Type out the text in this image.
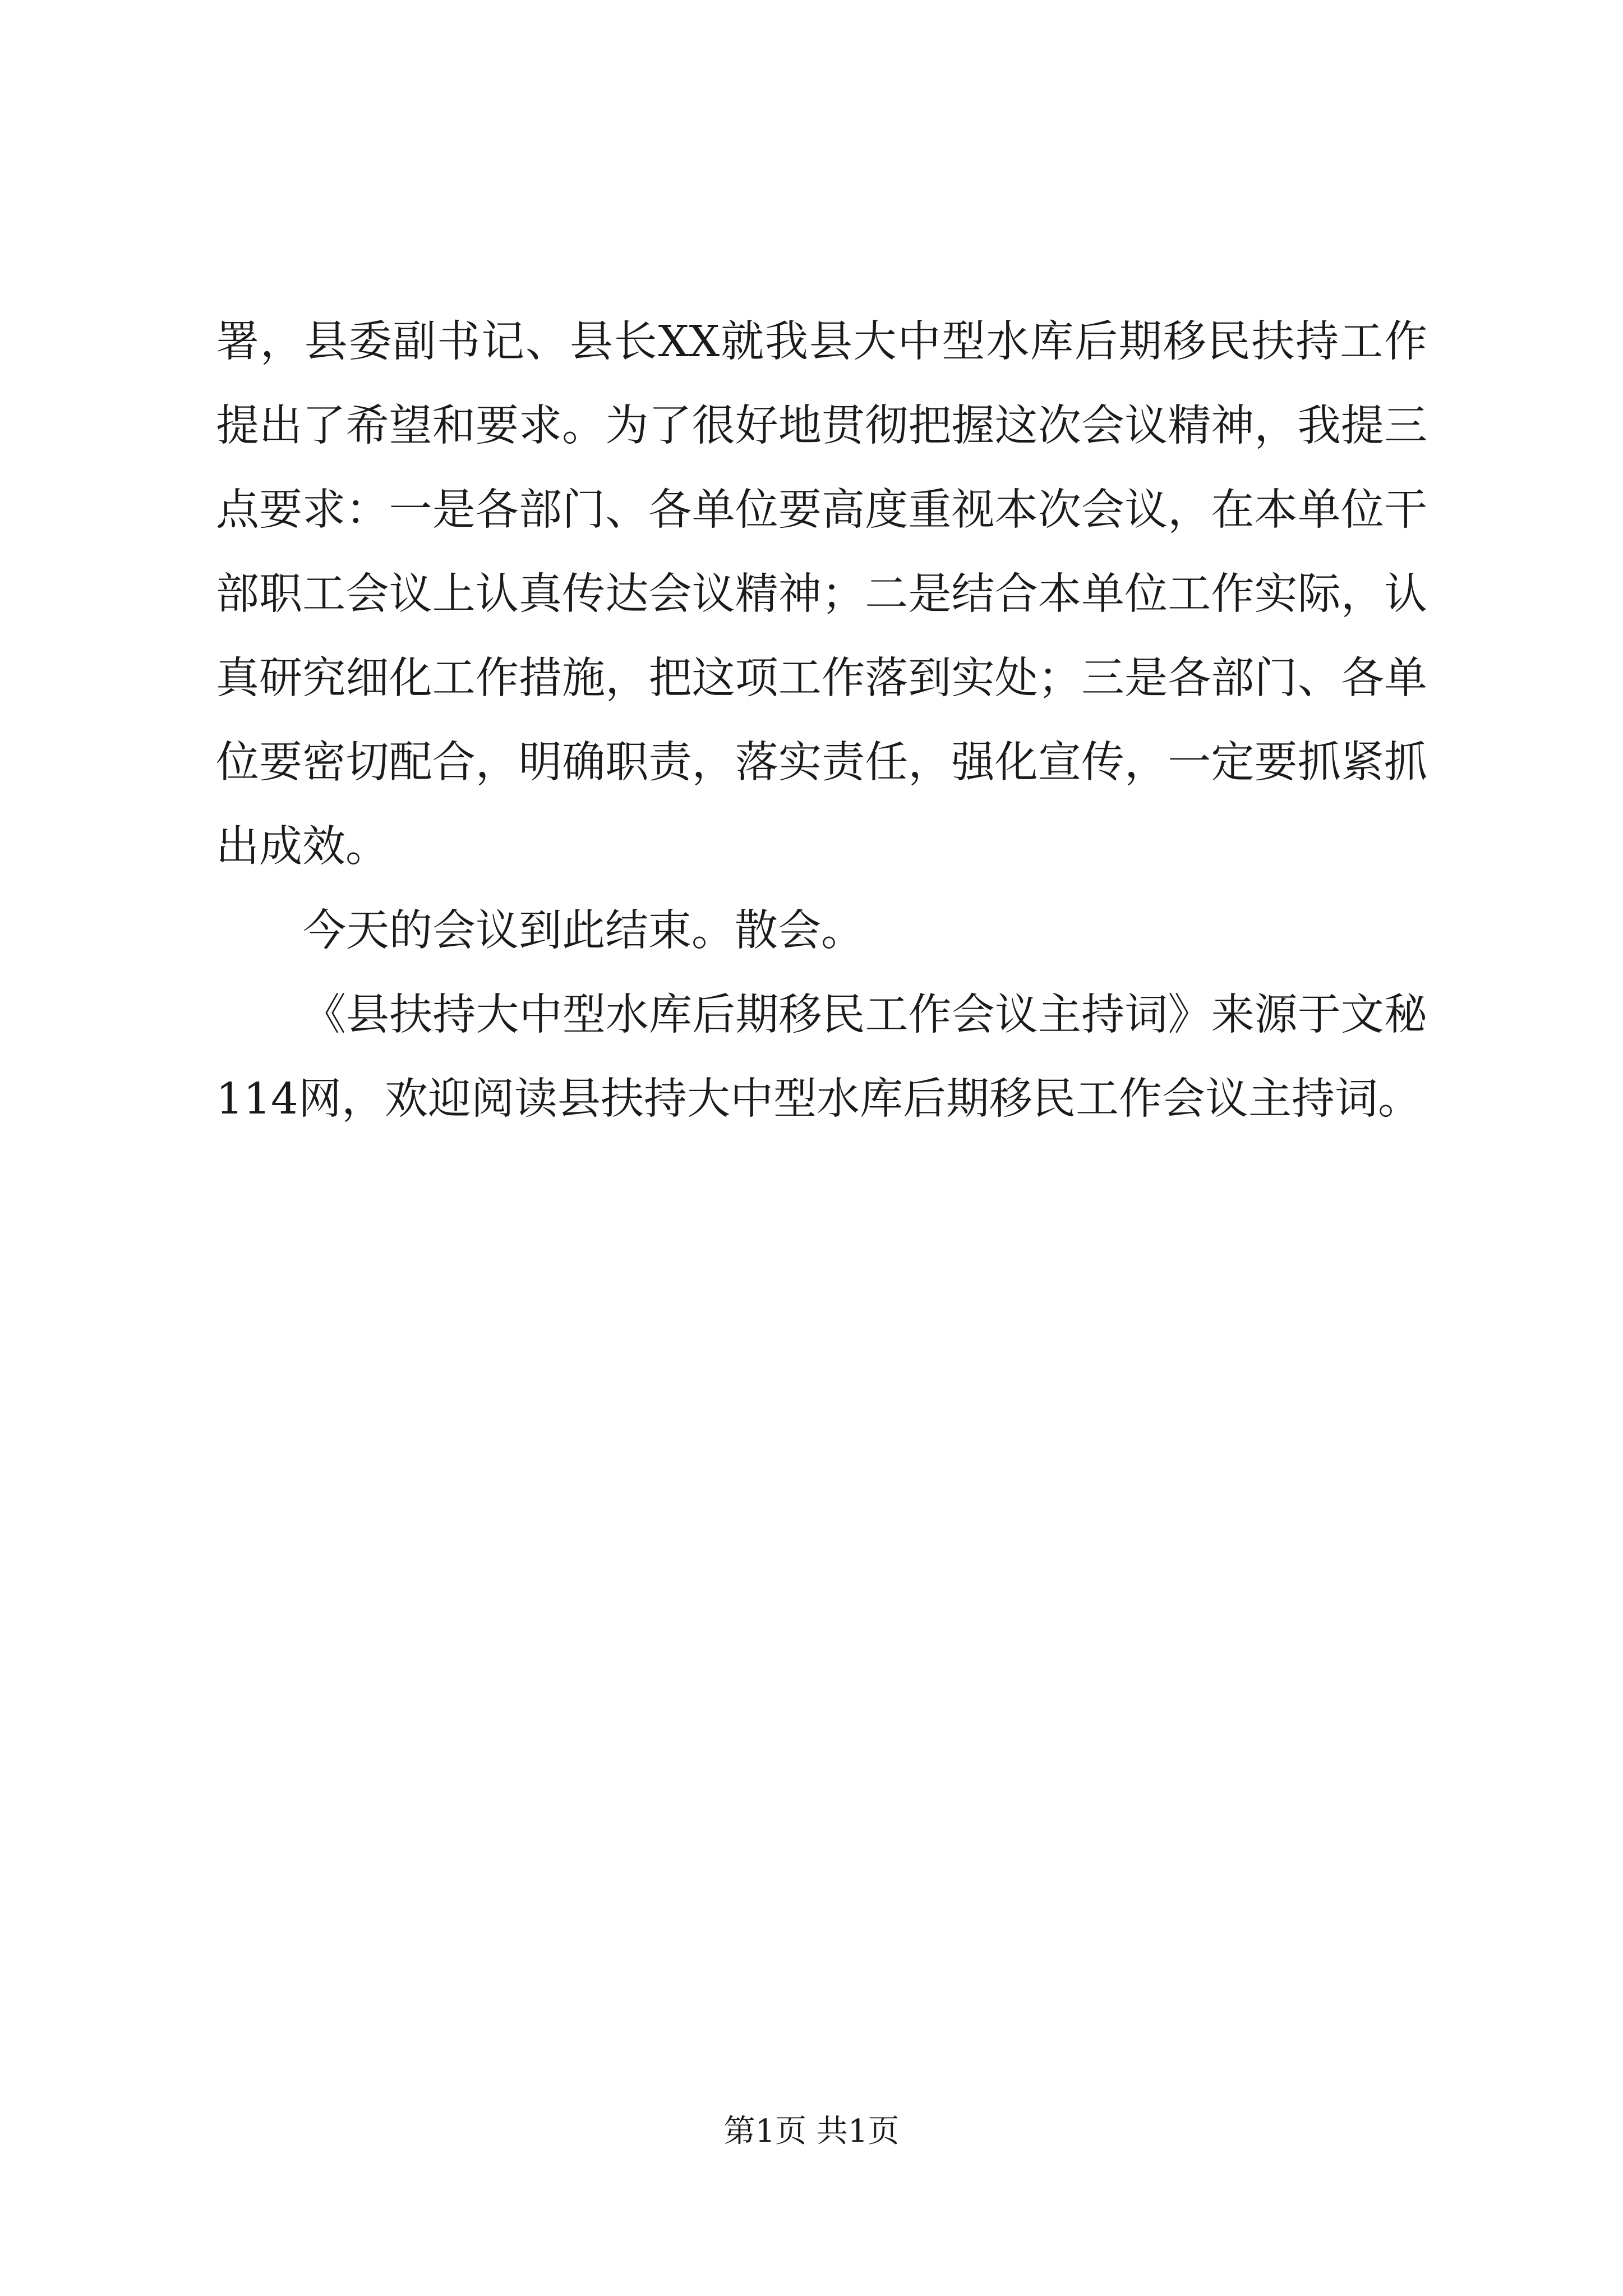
署，县委副书记、县长XX就我县大中型水库后期移民扶持工作
提出了希望和要求。为了很好地贯彻把握这次会议精神，我提三
点要求：一是各部门、各单位要高度重视本次会议，在本单位干
部职工会议上认真传达会议精神；二是结合本单位工作实际，认
真研究细化工作措施，把这项工作落到实处；三是各部门、各单
位要密切配合，明确职责，落实责任，强化宣传，一定要抓紧抓
出成效。
今天的会议到此结束。散会。
《县扶持大中型水库后期移民工作会议主持词》来源于文秘
114网，欢迎阅读县扶持大中型水库后期移民工作会议主持词。
第1页 共1页
